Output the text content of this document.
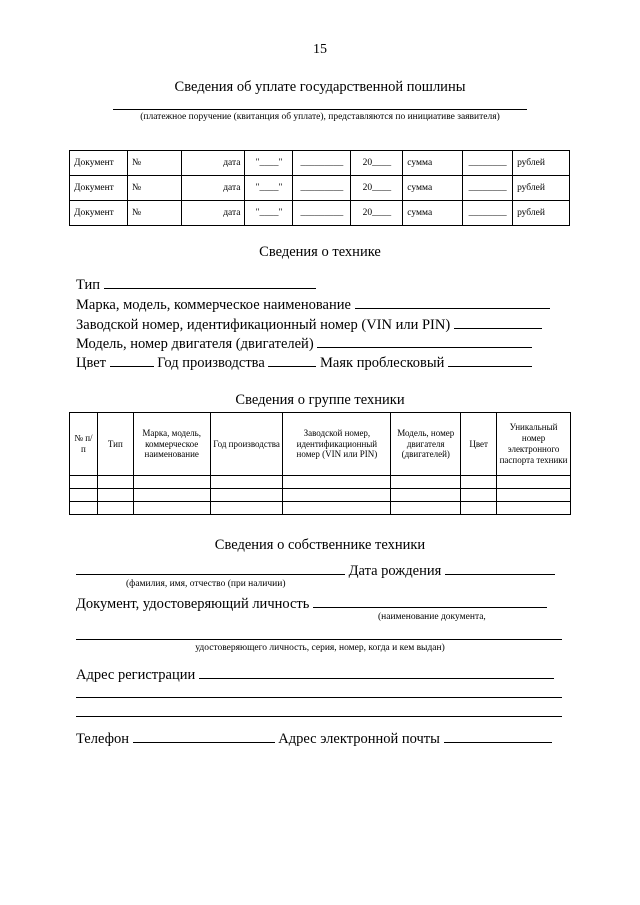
15
Сведения об уплате государственной пошлины
(платежное поручение (квитанция об уплате), представляются по инициативе заявителя)
Документ	№	дата	"____"	_________	20____	сумма	________	рублей
Документ	№	дата	"____"	_________	20____	сумма	________	рублей
Документ	№	дата	"____"	_________	20____	сумма	________	рублей
Сведения о технике
Тип
Марка, модель, коммерческое наименование
Заводской номер, идентификационный номер (VIN или PIN)
Модель, номер двигателя (двигателей)
Цвет	Год производства	Маяк проблесковый
Сведения о группе техники
№ п/п	Тип	Марка, модель, коммерческое наименование	Год производства	Заводской номер, идентификационный номер (VIN или PIN)	Модель, номер двигателя (двигателей)	Цвет	Уникальный номер электронного паспорта техники

Сведения о собственнике техники
Дата рождения
(фамилия, имя, отчество (при наличии)
Документ, удостоверяющий личность
(наименование документа,
удостоверяющего личность, серия, номер, когда и кем выдан)
Адрес регистрации
Телефон	Адрес электронной почты
